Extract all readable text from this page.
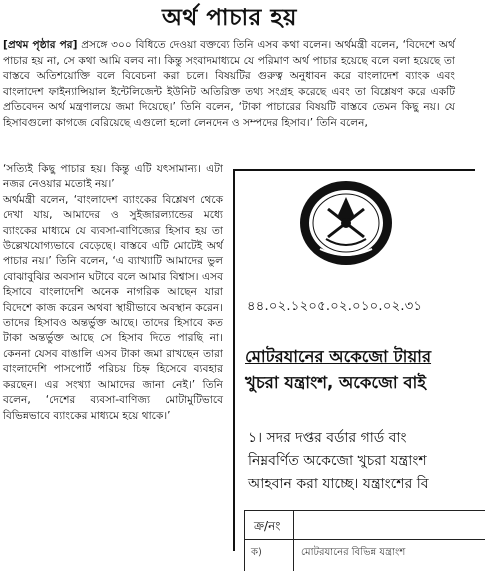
অর্থ পাচার হয়
[প্রথম পৃষ্ঠার পর] প্রসঙ্গে ৩০০ বিধিতে দেওয়া বক্তব্যে তিনি এসব কথা বলেন। অর্থমন্ত্রী বলেন, ‘বিদেশে অর্থ পাচার হয় না, সে কথা আমি বলব না। কিন্তু সংবাদমাধ্যমে যে পরিমাণ অর্থ পাচার হয়েছে বলে বলা হয়েছে তা বাস্তবে অতিশয়োক্তি বলে বিবেচনা করা চলে। বিষয়টির গুরুত্ব অনুধাবন করে বাংলাদেশ ব্যাংক এবং বাংলাদেশ ফাইন্যান্সিয়াল ইন্টেলিজেন্ট ইউনিট অতিরিক্ত তথ্য সংগ্রহ করেছে এবং তা বিশ্লেষণ করে একটি প্রতিবেদন অর্থ মন্ত্রণালয়ে জমা দিয়েছে।’ তিনি বলেন, ‘টাকা পাচারের বিষয়টি বাস্তবে তেমন কিছু নয়। যে হিসাবগুলো কাগজে বেরিয়েছে এগুলো হলো লেনদেন ও সম্পদের হিসাব।’ তিনি বলেন,

‘সত্যিই কিছু পাচার হয়। কিন্তু এটি যৎসামান্য। এটা নজর নেওয়ার মতোই নয়।’

অর্থমন্ত্রী বলেন, ‘বাংলাদেশ ব্যাংকের বিশ্লেষণ থেকে দেখা যায়, আমাদের ও সুইজারল্যান্ডের মধ্যে ব্যাংকের মাধ্যমে যে ব্যবসা-বাণিজ্যের হিসাব হয় তা উল্লেখযোগ্যভাবে বেড়েছে। বাস্তবে এটি মোটেই অর্থ পাচার নয়।’ তিনি বলেন, ‘এ ব্যাখ্যাটি আমাদের ভুল বোঝাবুঝির অবসান ঘটাবে বলে আমার বিশ্বাস। এসব হিসাবে বাংলাদেশি অনেক নাগরিক আছেন যারা বিদেশে কাজ করেন অথবা স্থায়ীভাবে অবস্থান করেন। তাদের হিসাবও অন্তর্ভুক্ত আছে। তাদের হিসাবে কত টাকা অন্তর্ভুক্ত আছে সে হিসাব দিতে পারছি না। কেননা যেসব বাঙালি এসব টাকা জমা রাখছেন তারা বাংলাদেশি পাসপোর্ট পরিচয় চিহ্ন হিসেবে ব্যবহার করছেন। এর সংখ্যা আমাদের জানা নেই।’ তিনি বলেন, ‘দেশের ব্যবসা-বাণিজ্য মোটামুটিভাবে বিভিন্নভাবে ব্যাংকের মাধ্যমে হয়ে থাকে।’

৪৪.০২.১২০৫.০২.০১০.০২.৩১
মোটরযানের অকেজো টায়ার
খুচরা যন্ত্রাংশ, অকেজো বাই
১। সদর দপ্তর বর্ডার গার্ড বাং
নিম্নবর্ণিত অকেজো খুচরা যন্ত্রাংশ
আহবান করা যাচ্ছে। যন্ত্রাংশের বি
ক্র/নং
ক)	মোটরযানের বিভিন্ন যন্ত্রাংশ
